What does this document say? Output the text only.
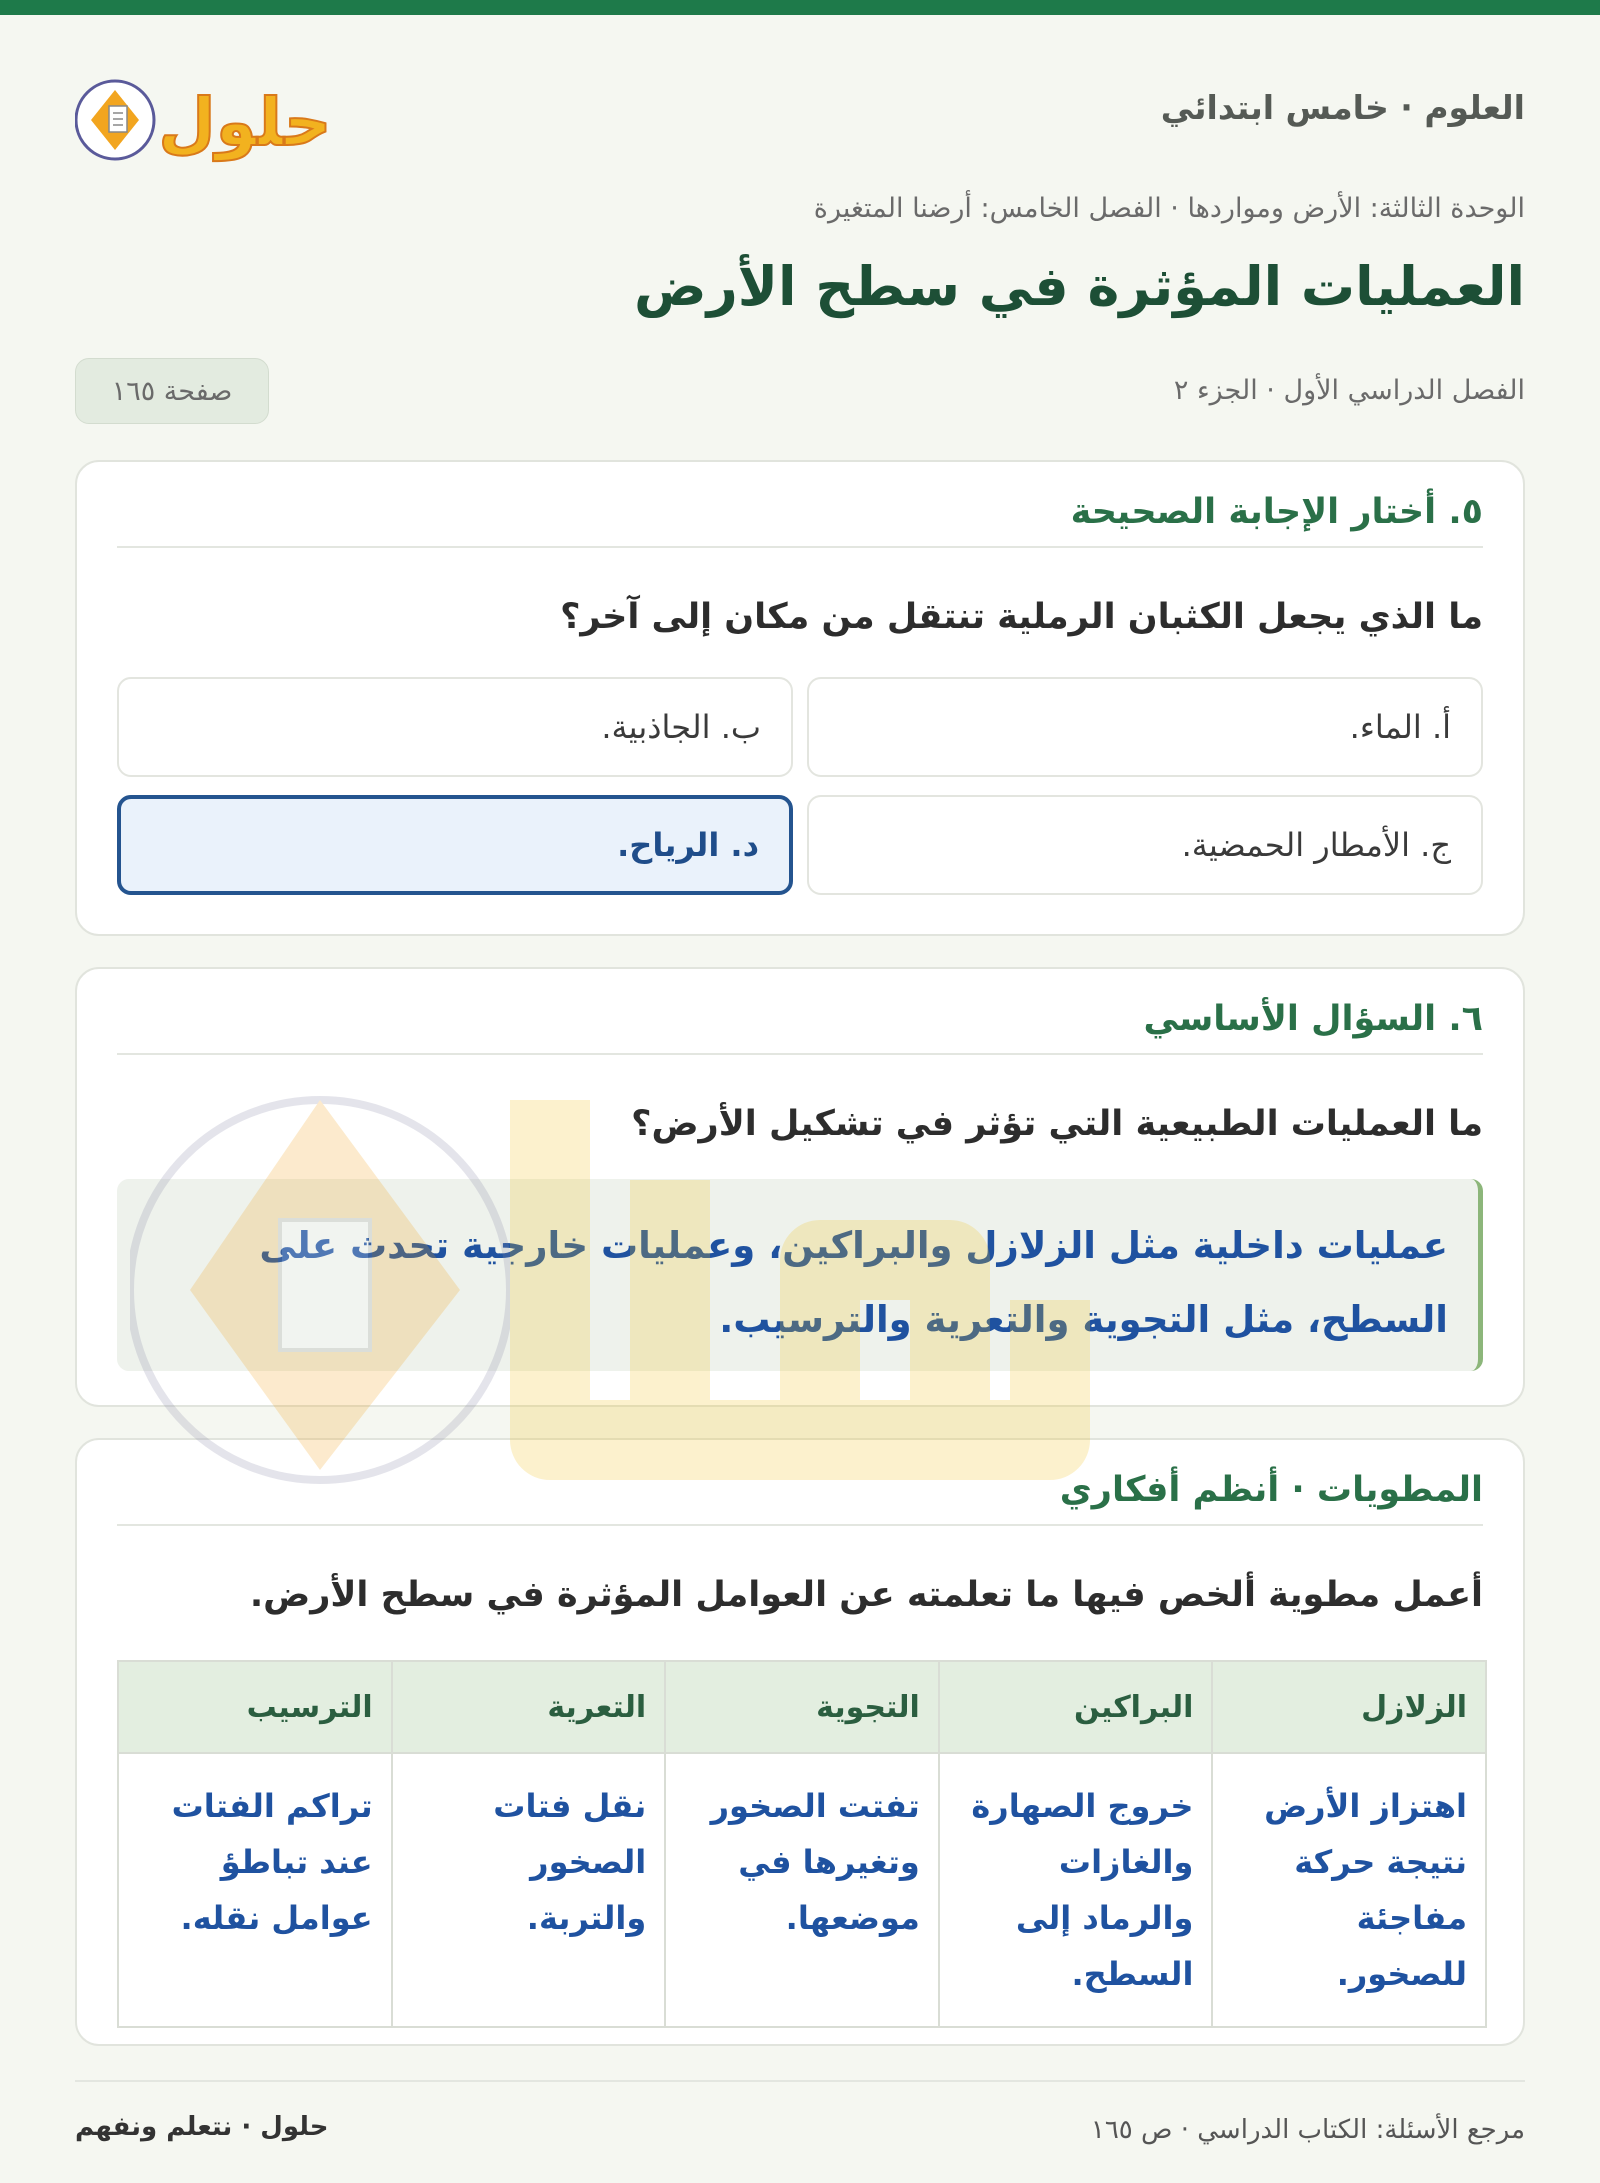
العلوم · خامس ابتدائي
حلول
الوحدة الثالثة: الأرض ومواردها · الفصل الخامس: أرضنا المتغيرة
العمليات المؤثرة في سطح الأرض
الفصل الدراسي الأول · الجزء ٢
صفحة ١٦٥
٥. أختار الإجابة الصحيحة
ما الذي يجعل الكثبان الرملية تنتقل من مكان إلى آخر؟
أ. الماء.
ب. الجاذبية.
ج. الأمطار الحمضية.
د. الرياح.
٦. السؤال الأساسي
ما العمليات الطبيعية التي تؤثر في تشكيل الأرض؟
عمليات داخلية مثل الزلازل والبراكين، وعمليات خارجية تحدث على السطح، مثل التجوية والتعرية والترسيب.
المطويات · أنظم أفكاري
أعمل مطوية ألخص فيها ما تعلمته عن العوامل المؤثرة في سطح الأرض.
الزلازل	البراكين	التجوية	التعرية	الترسيب
اهتزاز الأرض نتيجة حركة مفاجئة للصخور.	خروج الصهارة والغازات والرماد إلى السطح.	تفتت الصخور وتغيرها في موضعها.	نقل فتات الصخور والتربة.	تراكم الفتات عند تباطؤ عوامل نقله.
حلول · نتعلم ونفهم	مرجع الأسئلة: الكتاب الدراسي · ص ١٦٥
